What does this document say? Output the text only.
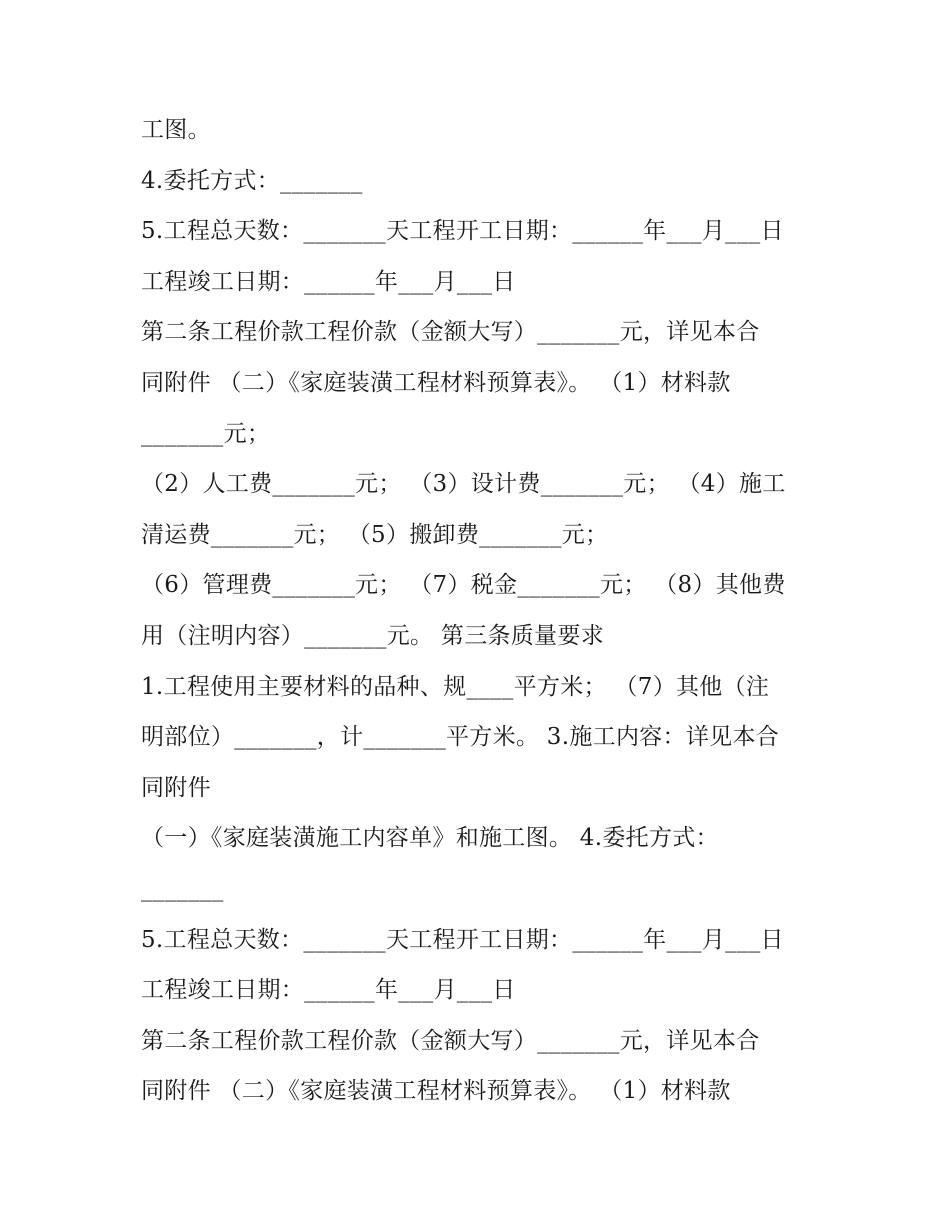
工图。
4.委托方式：_______
5.工程总天数：_______天工程开工日期：______年___月___日
工程竣工日期：______年___月___日
第二条工程价款工程价款（金额大写）_______元，详见本合
同附件 （二）《家庭装潢工程材料预算表》。 （1）材料款
_______元；
（2）人工费_______元； （3）设计费_______元； （4）施工
清运费_______元； （5）搬卸费_______元；
（6）管理费_______元； （7）税金_______元； （8）其他费
用（注明内容）_______元。 第三条质量要求
1.工程使用主要材料的品种、规____平方米； （7）其他（注
明部位）_______，计_______平方米。 3.施工内容：详见本合
同附件
（一）《家庭装潢施工内容单》和施工图。 4.委托方式：
_______
5.工程总天数：_______天工程开工日期：______年___月___日
工程竣工日期：______年___月___日
第二条工程价款工程价款（金额大写）_______元，详见本合
同附件 （二）《家庭装潢工程材料预算表》。 （1）材料款
